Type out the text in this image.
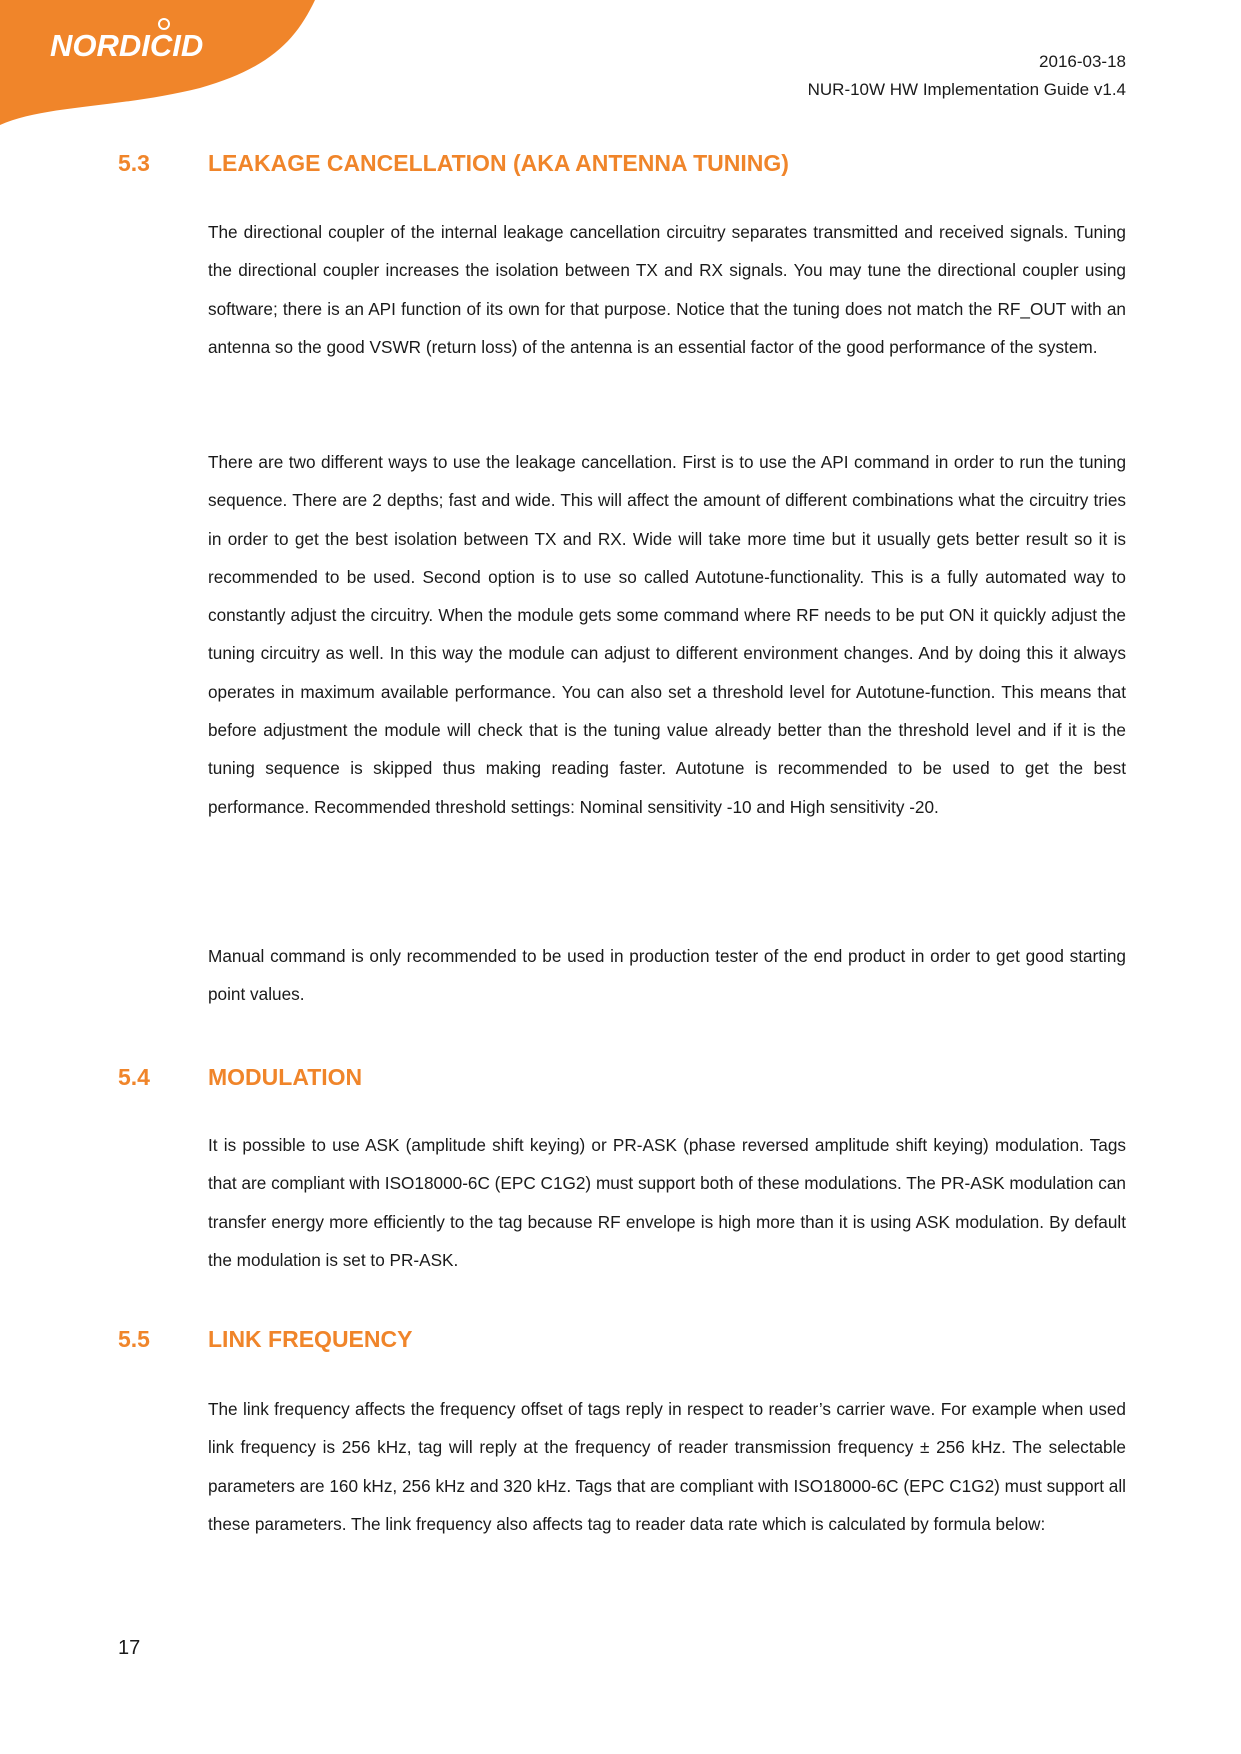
NORDICID	2016-03-18
NUR-10W HW Implementation Guide v1.4
5.3	LEAKAGE CANCELLATION (AKA ANTENNA TUNING)

The directional coupler of the internal leakage cancellation circuitry separates transmitted and received signals. Tuning the directional coupler increases the isolation between TX and RX signals. You may tune the directional coupler using software; there is an API function of its own for that purpose. Notice that the tuning does not match the RF_OUT with an antenna so the good VSWR (return loss) of the antenna is an essential factor of the good performance of the system.

There are two different ways to use the leakage cancellation. First is to use the API command in order to run the tuning sequence. There are 2 depths; fast and wide. This will affect the amount of different combinations what the circuitry tries in order to get the best isolation between TX and RX. Wide will take more time but it usually gets better result so it is recommended to be used. Second option is to use so called Autotune-functionality. This is a fully automated way to constantly adjust the circuitry. When the module gets some command where RF needs to be put ON it quickly adjust the tuning circuitry as well. In this way the module can adjust to different environment changes. And by doing this it always operates in maximum available performance. You can also set a threshold level for Autotune-function. This means that before adjustment the module will check that is the tuning value already better than the threshold level and if it is the tuning sequence is skipped thus making reading faster. Autotune is recommended to be used to get the best performance. Recommended threshold settings: Nominal sensitivity -10 and High sensitivity -20.

Manual command is only recommended to be used in production tester of the end product in order to get good starting point values.

5.4	MODULATION

It is possible to use ASK (amplitude shift keying) or PR-ASK (phase reversed amplitude shift keying) modulation. Tags that are compliant with ISO18000-6C (EPC C1G2) must support both of these modulations. The PR-ASK modulation can transfer energy more efficiently to the tag because RF envelope is high more than it is using ASK modulation. By default the modulation is set to PR-ASK.

5.5	LINK FREQUENCY

The link frequency affects the frequency offset of tags reply in respect to reader’s carrier wave. For example when used link frequency is 256 kHz, tag will reply at the frequency of reader transmission frequency ± 256 kHz. The selectable parameters are 160 kHz, 256 kHz and 320 kHz. Tags that are compliant with ISO18000-6C (EPC C1G2) must support all these parameters. The link frequency also affects tag to reader data rate which is calculated by formula below:

17
